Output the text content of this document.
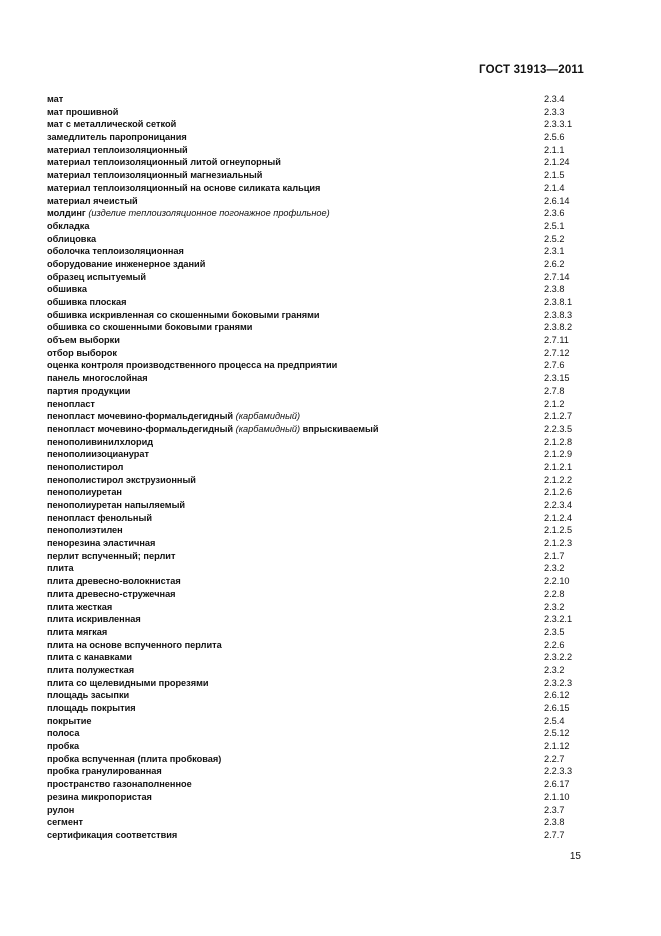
ГОСТ 31913—2011
мат	2.3.4
мат прошивной	2.3.3
мат с металлической сеткой	2.3.3.1
замедлитель паропроницания	2.5.6
материал теплоизоляционный	2.1.1
материал теплоизоляционный литой огнеупорный	2.1.24
материал теплоизоляционный магнезиальный	2.1.5
материал теплоизоляционный на основе силиката кальция	2.1.4
материал ячеистый	2.6.14
молдинг (изделие теплоизоляционное погонажное профильное)	2.3.6
обкладка	2.5.1
облицовка	2.5.2
оболочка теплоизоляционная	2.3.1
оборудование инженерное зданий	2.6.2
образец испытуемый	2.7.14
обшивка	2.3.8
обшивка плоская	2.3.8.1
обшивка искривленная со скошенными боковыми гранями	2.3.8.3
обшивка со скошенными боковыми гранями	2.3.8.2
объем выборки	2.7.11
отбор выборок	2.7.12
оценка контроля производственного процесса на предприятии	2.7.6
панель многослойная	2.3.15
партия продукции	2.7.8
пенопласт	2.1.2
пенопласт мочевино-формальдегидный (карбамидный)	2.1.2.7
пенопласт мочевино-формальдегидный (карбамидный) впрыскиваемый	2.2.3.5
пенополивинилхлорид	2.1.2.8
пенополиизоцианурат	2.1.2.9
пенополистирол	2.1.2.1
пенополистирол экструзионный	2.1.2.2
пенополиуретан	2.1.2.6
пенополиуретан напыляемый	2.2.3.4
пенопласт фенольный	2.1.2.4
пенополиэтилен	2.1.2.5
пенорезина эластичная	2.1.2.3
перлит вспученный; перлит	2.1.7
плита	2.3.2
плита древесно-волокнистая	2.2.10
плита древесно-стружечная	2.2.8
плита жесткая	2.3.2
плита искривленная	2.3.2.1
плита мягкая	2.3.5
плита на основе вспученного перлита	2.2.6
плита с канавками	2.3.2.2
плита полужесткая	2.3.2
плита со щелевидными прорезями	2.3.2.3
площадь засыпки	2.6.12
площадь покрытия	2.6.15
покрытие	2.5.4
полоса	2.5.12
пробка	2.1.12
пробка вспученная (плита пробковая)	2.2.7
пробка гранулированная	2.2.3.3
пространство газонаполненное	2.6.17
резина микропористая	2.1.10
рулон	2.3.7
сегмент	2.3.8
сертификация соответствия	2.7.7
15
